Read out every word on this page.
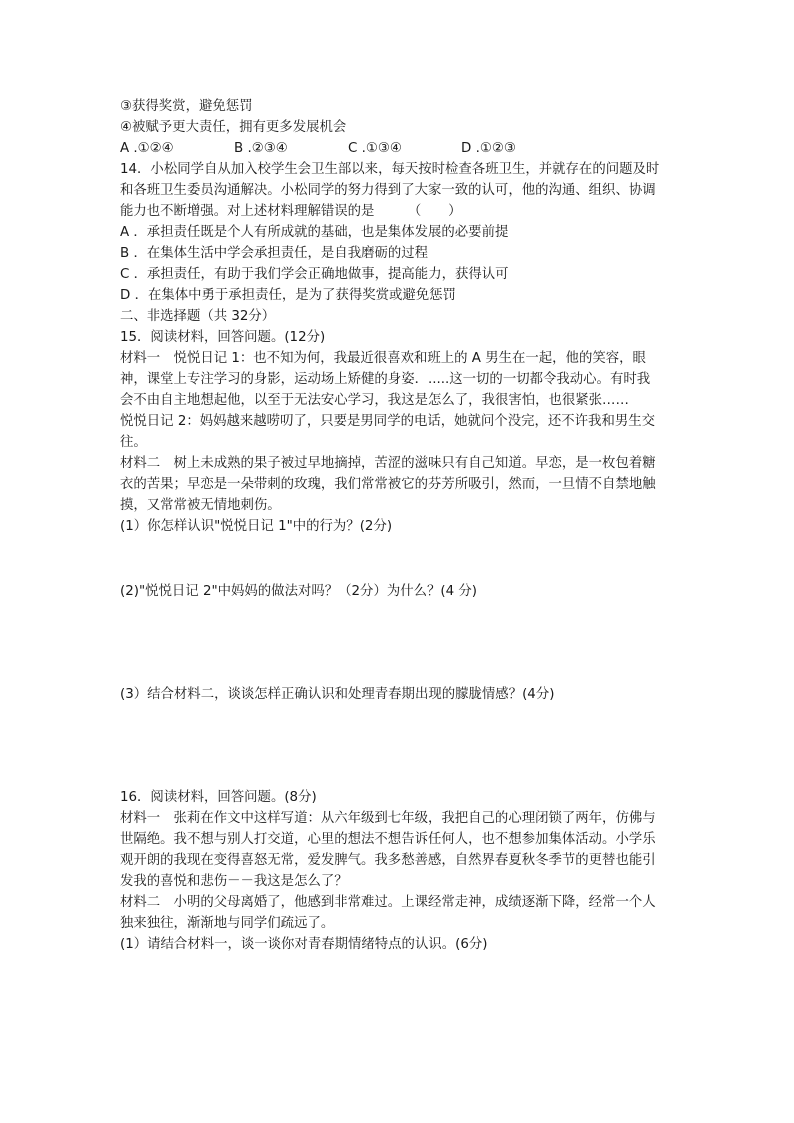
③获得奖赏，避免惩罚
④被赋予更大责任，拥有更多发展机会
A .①②④	B .②③④	C .①③④	D .①②③
14．小松同学自从加入校学生会卫生部以来，每天按时检查各班卫生，并就存在的问题及时
和各班卫生委员沟通解决。小松同学的努力得到了大家一致的认可，他的沟通、组织、协调
能力也不断增强。对上述材料理解错误的是　　　（　　）
A ．承担责任既是个人有所成就的基础，也是集体发展的必要前提
B ．在集体生活中学会承担责任，是自我磨砺的过程
C ．承担责任，有助于我们学会正确地做事，提高能力，获得认可
D ．在集体中勇于承担责任，是为了获得奖赏或避免惩罚
二、非选择题（共 32分）
15．阅读材料，回答问题。(12分)
材料一　悦悦日记 1：也不知为何，我最近很喜欢和班上的 A 男生在一起，他的笑容，眼
神，课堂上专注学习的身影，运动场上矫健的身姿．.....这一切的一切都令我动心。有时我
会不由自主地想起他，以至于无法安心学习，我这是怎么了，我很害怕，也很紧张……
悦悦日记 2：妈妈越来越唠叨了，只要是男同学的电话，她就问个没完，还不许我和男生交
往。
材料二　树上未成熟的果子被过早地摘掉，苦涩的滋味只有自己知道。早恋，是一枚包着糖
衣的苦果；早恋是一朵带刺的玫瑰，我们常常被它的芬芳所吸引，然而，一旦情不自禁地触
摸，又常常被无情地刺伤。
(1）你怎样认识"悦悦日记 1"中的行为？(2分)
(2)"悦悦日记 2"中妈妈的做法对吗？（2分）为什么？(4 分)
(3）结合材料二，谈谈怎样正确认识和处理青春期出现的朦胧情感？(4分)
16．阅读材料，回答问题。(8分)
材料一　张莉在作文中这样写道：从六年级到七年级，我把自己的心理闭锁了两年，仿佛与
世隔绝。我不想与别人打交道，心里的想法不想告诉任何人，也不想参加集体活动。小学乐
观开朗的我现在变得喜怒无常，爱发脾气。我多愁善感，自然界春夏秋冬季节的更替也能引
发我的喜悦和悲伤－－我这是怎么了？
材料二　小明的父母离婚了，他感到非常难过。上课经常走神，成绩逐渐下降，经常一个人
独来独往，渐渐地与同学们疏远了。
(1）请结合材料一，谈一谈你对青春期情绪特点的认识。(6分)
